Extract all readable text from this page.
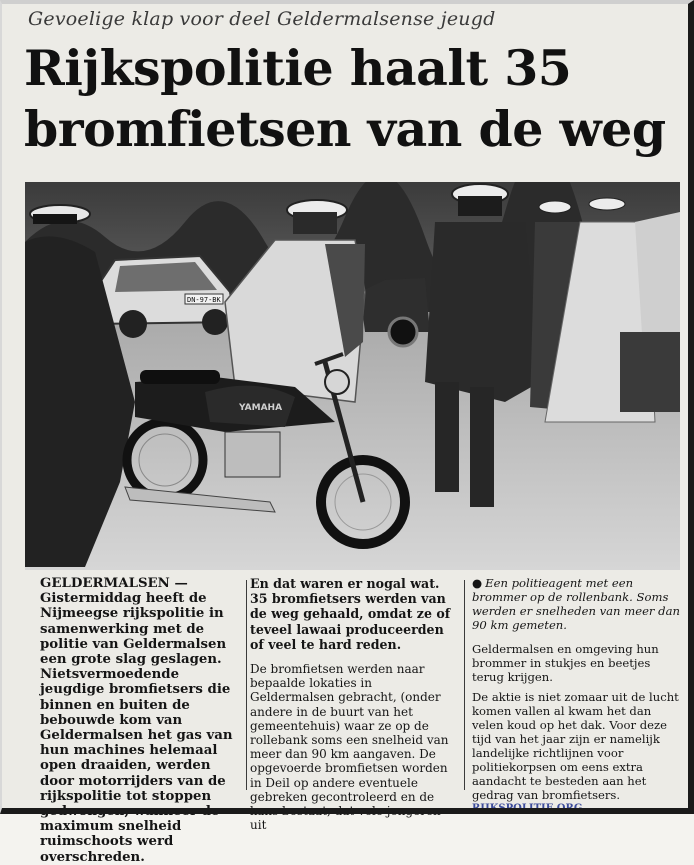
Gevoelige klap voor deel Geldermalsense jeugd
Rijkspolitie haalt 35
bromfietsen van de weg
DN-97-BK
YAMAHA

GELDERMALSEN — Gistermiddag heeft de Nijmeegse rijkspolitie in samenwerking met de politie van Geldermalsen een grote slag geslagen. Nietsvermoedende jeugdige bromfietsers die binnen en buiten de bebouwde kom van Geldermalsen het gas van hun machines helemaal open draaiden, werden door motorrijders van de rijkspolitie tot stoppen gedwongen, wanneer de maximum snelheid ruimschoots werd overschreden.

En dat waren er nogal wat. 35 bromfietsers werden van de weg gehaald, omdat ze of teveel lawaai produceerden of veel te hard reden.

De bromfietsen werden naar bepaalde lokaties in Geldermalsen gebracht, (onder andere in de buurt van het gemeentehuis) waar ze op de rollebank soms een snelheid van meer dan 90 km aangaven. De opgevoerde bromfietsen worden in Deil op andere eventuele gebreken gecontroleerd en de kans bestaat, dat vele jongeren uit

● Een politieagent met een brommer op de rollenbank. Soms werden er snelheden van meer dan 90 km gemeten.

Geldermalsen en omgeving hun brommer in stukjes en beetjes terug krijgen.

De aktie is niet zomaar uit de lucht komen vallen al kwam het dan velen koud op het dak. Voor deze tijd van het jaar zijn er namelijk landelijke richtlijnen voor politiekorpsen om eens extra aandacht te besteden aan het gedrag van bromfietsers.

RIJKSPOLITIE.ORG
